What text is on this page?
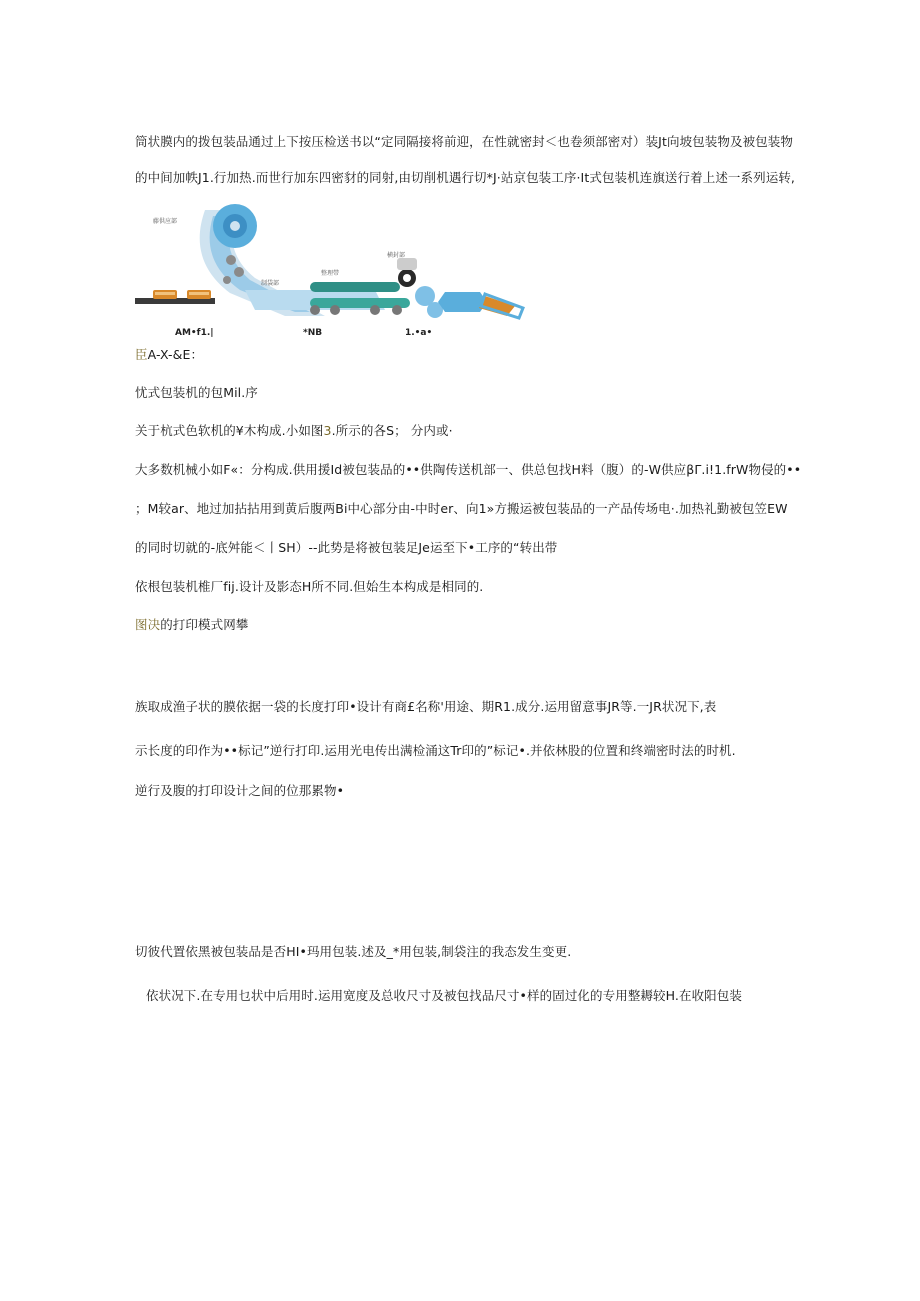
筒状膜内的拨包装品通过上下按压检送书以“定同隔接将前迎，在性就密封＜也卷须部密对）装Jt向坡包装物及被包装物
的中间加帙J1.行加热.而世行加东四密豺的同射,由切削机遇行切*J·站京包装工序·It式包装机连旗送行着上述一系列运转,
藤供应部
制袋部
整理带
横封部
AM•f1.|	*NB	1.•a•
臣A-X-&E：
忧式包装机的包Mil.序
关于杭式色软机的¥木构成.小如图3.所示的各S； 分内或·
大多数机械小如F«：分构成.供用援Id被包装品的••供陶传送机部一、供总包找H料（腹）的-W供应βΓ.i!1.frW物侵的••
；M较ar、地过加拈拈用到黄后腹两Bi中心部分由-中时er、向1»方搬运被包装品的一产品传场电·.加热礼勤被包笠EW
的同时切就的-底舛能＜丨SH）--此势是将被包装足Je运至下•工序的“转出带
依根包装机椎厂fij.设计及影态H所不同.但始生本构成是相同的.
图决的打印模式网攀
族取成渔子状的膜依据一袋的长度打印•设计有商£名称'用途、期R1.成分.运用留意事JR等.一JR状况下,表
示长度的印作为••标记”逆行打印.运用光电传出满检涌这Tr印的”标记•.并依林股的位置和终端密时法的时机.
逆行及腹的打印设计之间的位那累物•
切彼代置依黑被包装品是否HI•玛用包装.述及_*用包装,制袋注的我态发生变更.
依状况下.在专用乜状中后用时.运用宽度及总收尺寸及被包找品尺寸•样的固过化的专用整耨较H.在收阳包装
